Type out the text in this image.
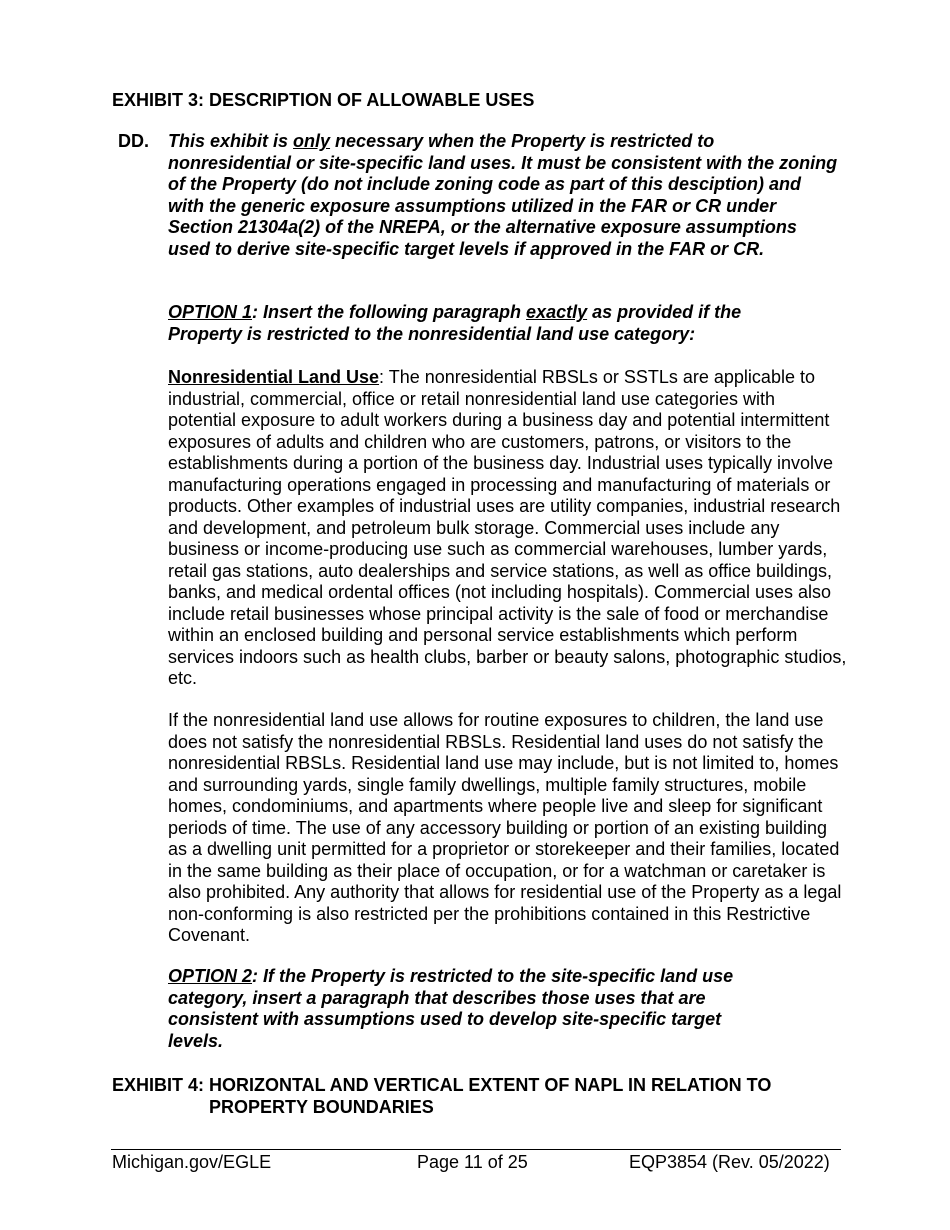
EXHIBIT 3: DESCRIPTION OF ALLOWABLE USES
DD. This exhibit is only necessary when the Property is restricted to nonresidential or site-specific land uses. It must be consistent with the zoning of the Property (do not include zoning code as part of this desciption) and with the generic exposure assumptions utilized in the FAR or CR under Section 21304a(2) of the NREPA, or the alternative exposure assumptions used to derive site-specific target levels if approved in the FAR or CR.
OPTION 1: Insert the following paragraph exactly as provided if the Property is restricted to the nonresidential land use category:
Nonresidential Land Use: The nonresidential RBSLs or SSTLs are applicable to industrial, commercial, office or retail nonresidential land use categories with potential exposure to adult workers during a business day and potential intermittent exposures of adults and children who are customers, patrons, or visitors to the establishments during a portion of the business day. Industrial uses typically involve manufacturing operations engaged in processing and manufacturing of materials or products. Other examples of industrial uses are utility companies, industrial research and development, and petroleum bulk storage. Commercial uses include any business or income-producing use such as commercial warehouses, lumber yards, retail gas stations, auto dealerships and service stations, as well as office buildings, banks, and medical ordental offices (not including hospitals). Commercial uses also include retail businesses whose principal activity is the sale of food or merchandise within an enclosed building and personal service establishments which perform services indoors such as health clubs, barber or beauty salons, photographic studios, etc.
If the nonresidential land use allows for routine exposures to children, the land use does not satisfy the nonresidential RBSLs. Residential land uses do not satisfy the nonresidential RBSLs. Residential land use may include, but is not limited to, homes and surrounding yards, single family dwellings, multiple family structures, mobile homes, condominiums, and apartments where people live and sleep for significant periods of time. The use of any accessory building or portion of an existing building as a dwelling unit permitted for a proprietor or storekeeper and their families, located in the same building as their place of occupation, or for a watchman or caretaker is also prohibited. Any authority that allows for residential use of the Property as a legal non-conforming is also restricted per the prohibitions contained in this Restrictive Covenant.
OPTION 2: If the Property is restricted to the site-specific land use category, insert a paragraph that describes those uses that are consistent with assumptions used to develop site-specific target levels.
EXHIBIT 4: HORIZONTAL AND VERTICAL EXTENT OF NAPL IN RELATION TO
PROPERTY BOUNDARIES
Michigan.gov/EGLE	Page 11 of 25	EQP3854 (Rev. 05/2022)
